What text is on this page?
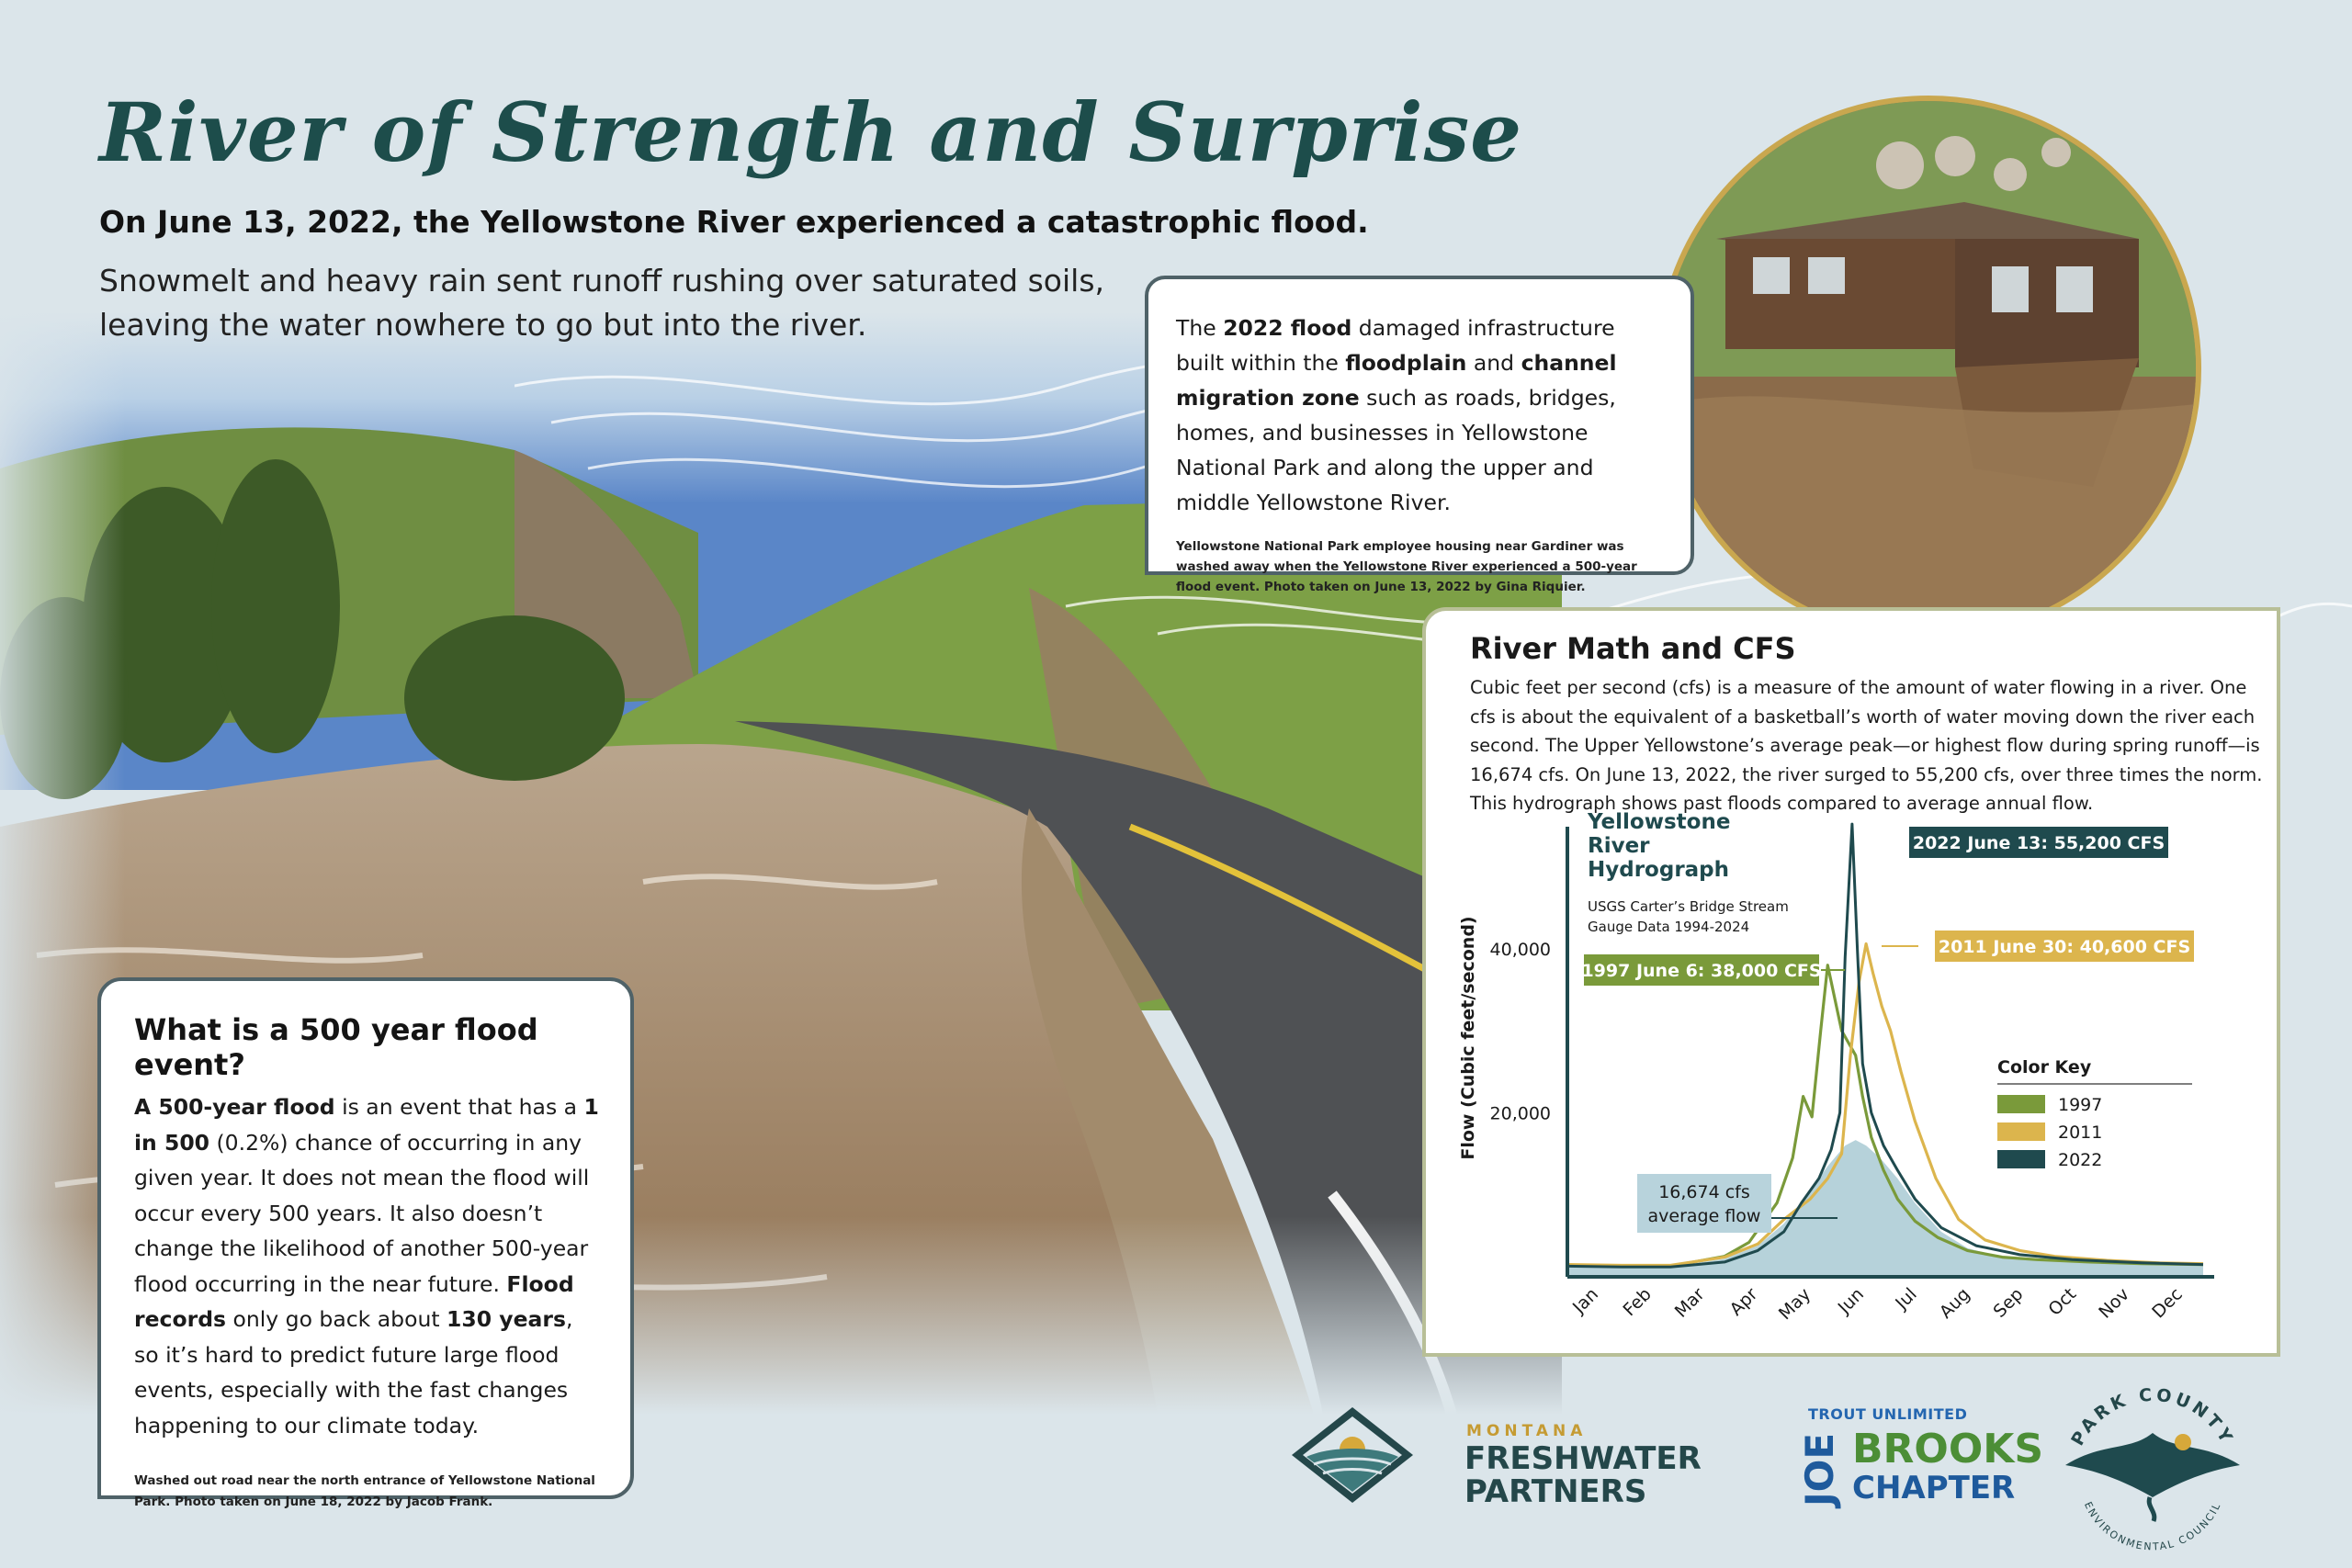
River of Strength and Surprise
On June 13, 2022, the Yellowstone River experienced a catastrophic flood.
Snowmelt and heavy rain sent runoff rushing over saturated soils, leaving the water nowhere to go but into the river.	The 2022 flood damaged infrastructure built within the floodplain and channel migration zone such as roads, bridges, homes, and businesses in Yellowstone National Park and along the upper and middle Yellowstone River.
Yellowstone National Park employee housing near Gardiner was washed away when the Yellowstone River experienced a 500-year flood event. Photo taken on June 13, 2022 by Gina Riquier.
River Math and CFS
Cubic feet per second (cfs) is a measure of the amount of water flowing in a river. One cfs is about the equivalent of a basketball’s worth of water moving down the river each second. The Upper Yellowstone’s average peak—or highest flow during spring runoff—is 16,674 cfs. On June 13, 2022, the river surged to 55,200 cfs, over three times the norm. This hydrograph shows past floods compared to average annual flow.
20,000
40,000
Flow (Cubic feet/second)
Jan Feb Mar Apr May Jun Jul Aug Sep Oct Nov Dec
Yellowstone
River
Hydrograph
USGS Carter’s Bridge Stream
Gauge Data 1994-2024
2022 June 13: 55,200 CFS
2011 June 30: 40,600 CFS
1997 June 6: 38,000 CFS
16,674 cfs
average flow
Color Key
1997
2011
2022
What is a 500 year flood event?
A 500-year flood is an event that has a 1 in 500 (0.2%) chance of occurring in any given year. It does not mean the flood will occur every 500 years. It also doesn’t change the likelihood of another 500-year flood occurring in the near future. Flood records only go back about 130 years, so it’s hard to predict future large flood events, especially with the fast changes happening to our climate today.
Washed out road near the north entrance of Yellowstone National Park. Photo taken on June 18, 2022 by Jacob Frank.
MONTANA
FRESHWATER
PARTNERS
TROUT UNLIMITED
JOE BROOKS
CHAPTER
PARK COUNTY
ENVIRONMENTAL COUNCIL
